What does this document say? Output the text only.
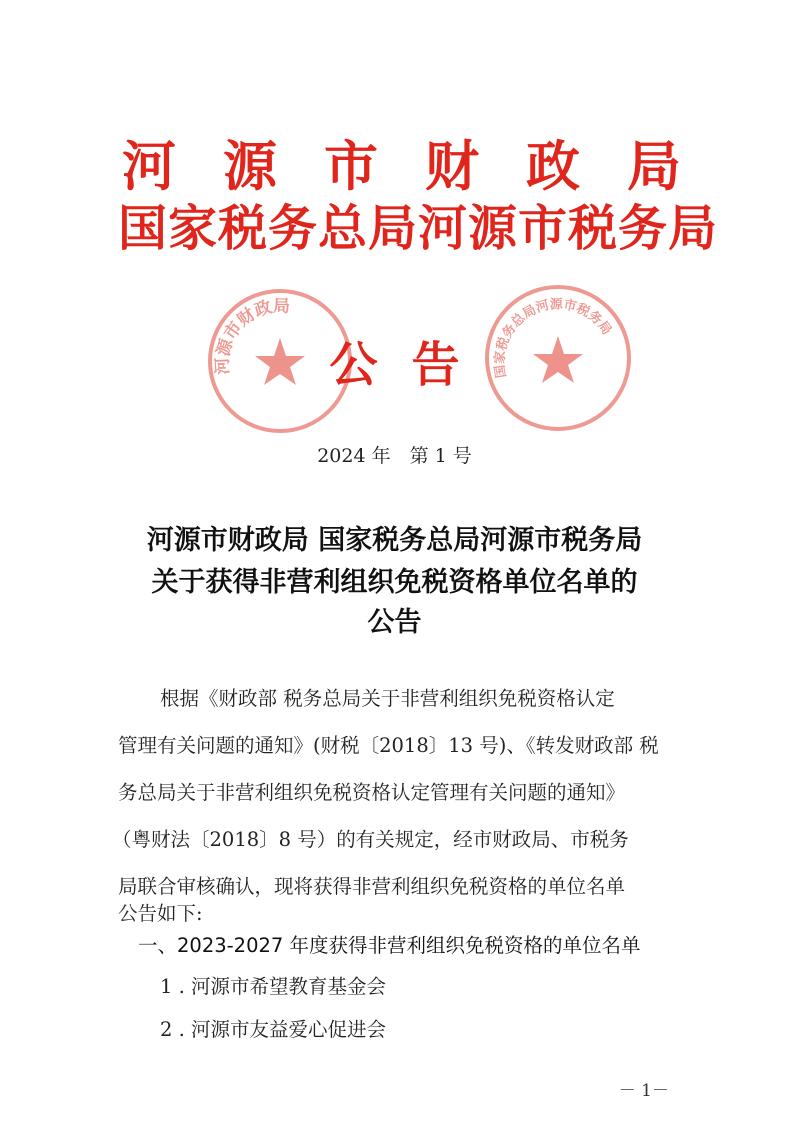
河源市财政局
国家税务总局河源市税务局
河源市财政局
国家税务总局河源市税务局
公告
2024 年　第 1 号
河源市财政局 国家税务总局河源市税务局
关于获得非营利组织免税资格单位名单的
公告
根据《财政部 税务总局关于非营利组织免税资格认定
管理有关问题的通知》(财税〔2018〕13 号)、《转发财政部 税
务总局关于非营利组织免税资格认定管理有关问题的通知》
（粤财法〔2018〕8 号）的有关规定，经市财政局、市税务
局联合审核确认，现将获得非营利组织免税资格的单位名单
公告如下:
一、2023-2027 年度获得非营利组织免税资格的单位名单
1 . 河源市希望教育基金会
2 . 河源市友益爱心促进会
－ 1－
